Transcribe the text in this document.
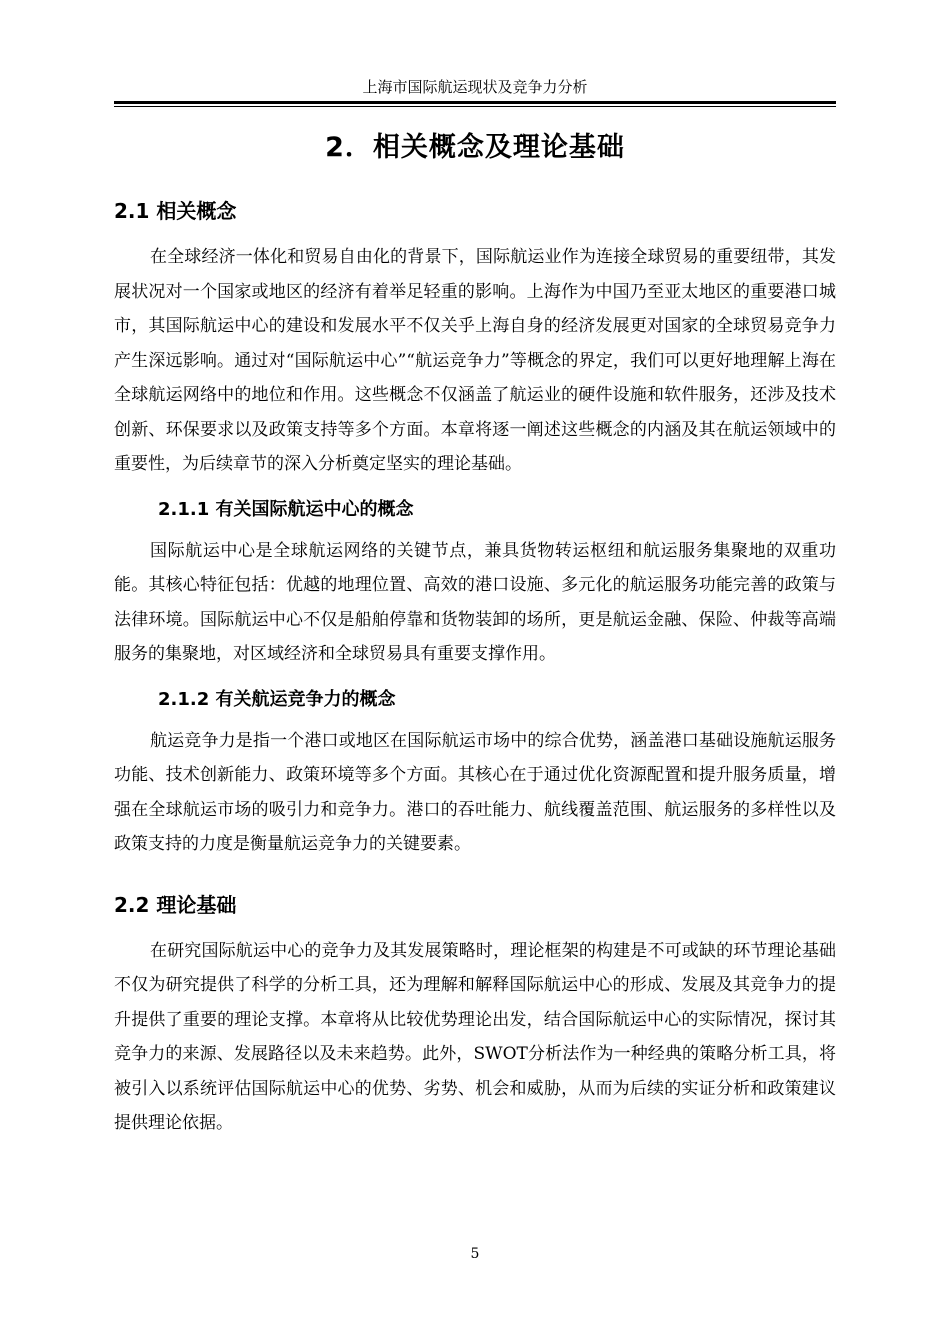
上海市国际航运现状及竞争力分析
2．相关概念及理论基础
2.1 相关概念

在全球经济一体化和贸易自由化的背景下，国际航运业作为连接全球贸易的重要纽带，其发展状况对一个国家或地区的经济有着举足轻重的影响。上海作为中国乃至亚太地区的重要港口城市，其国际航运中心的建设和发展水平不仅关乎上海自身的经济发展更对国家的全球贸易竞争力产生深远影响。通过对“国际航运中心”“航运竞争力”等概念的界定，我们可以更好地理解上海在全球航运网络中的地位和作用。这些概念不仅涵盖了航运业的硬件设施和软件服务，还涉及技术创新、环保要求以及政策支持等多个方面。本章将逐一阐述这些概念的内涵及其在航运领域中的重要性，为后续章节的深入分析奠定坚实的理论基础。

2.1.1 有关国际航运中心的概念

国际航运中心是全球航运网络的关键节点，兼具货物转运枢纽和航运服务集聚地的双重功能。其核心特征包括：优越的地理位置、高效的港口设施、多元化的航运服务功能完善的政策与法律环境。国际航运中心不仅是船舶停靠和货物装卸的场所，更是航运金融、保险、仲裁等高端服务的集聚地，对区域经济和全球贸易具有重要支撑作用。

2.1.2 有关航运竞争力的概念

航运竞争力是指一个港口或地区在国际航运市场中的综合优势，涵盖港口基础设施航运服务功能、技术创新能力、政策环境等多个方面。其核心在于通过优化资源配置和提升服务质量，增强在全球航运市场的吸引力和竞争力。港口的吞吐能力、航线覆盖范围、航运服务的多样性以及政策支持的力度是衡量航运竞争力的关键要素。

2.2 理论基础

在研究国际航运中心的竞争力及其发展策略时，理论框架的构建是不可或缺的环节理论基础不仅为研究提供了科学的分析工具，还为理解和解释国际航运中心的形成、发展及其竞争力的提升提供了重要的理论支撑。本章将从比较优势理论出发，结合国际航运中心的实际情况，探讨其竞争力的来源、发展路径以及未来趋势。此外，SWOT分析法作为一种经典的策略分析工具，将被引入以系统评估国际航运中心的优势、劣势、机会和威胁，从而为后续的实证分析和政策建议提供理论依据。

5
